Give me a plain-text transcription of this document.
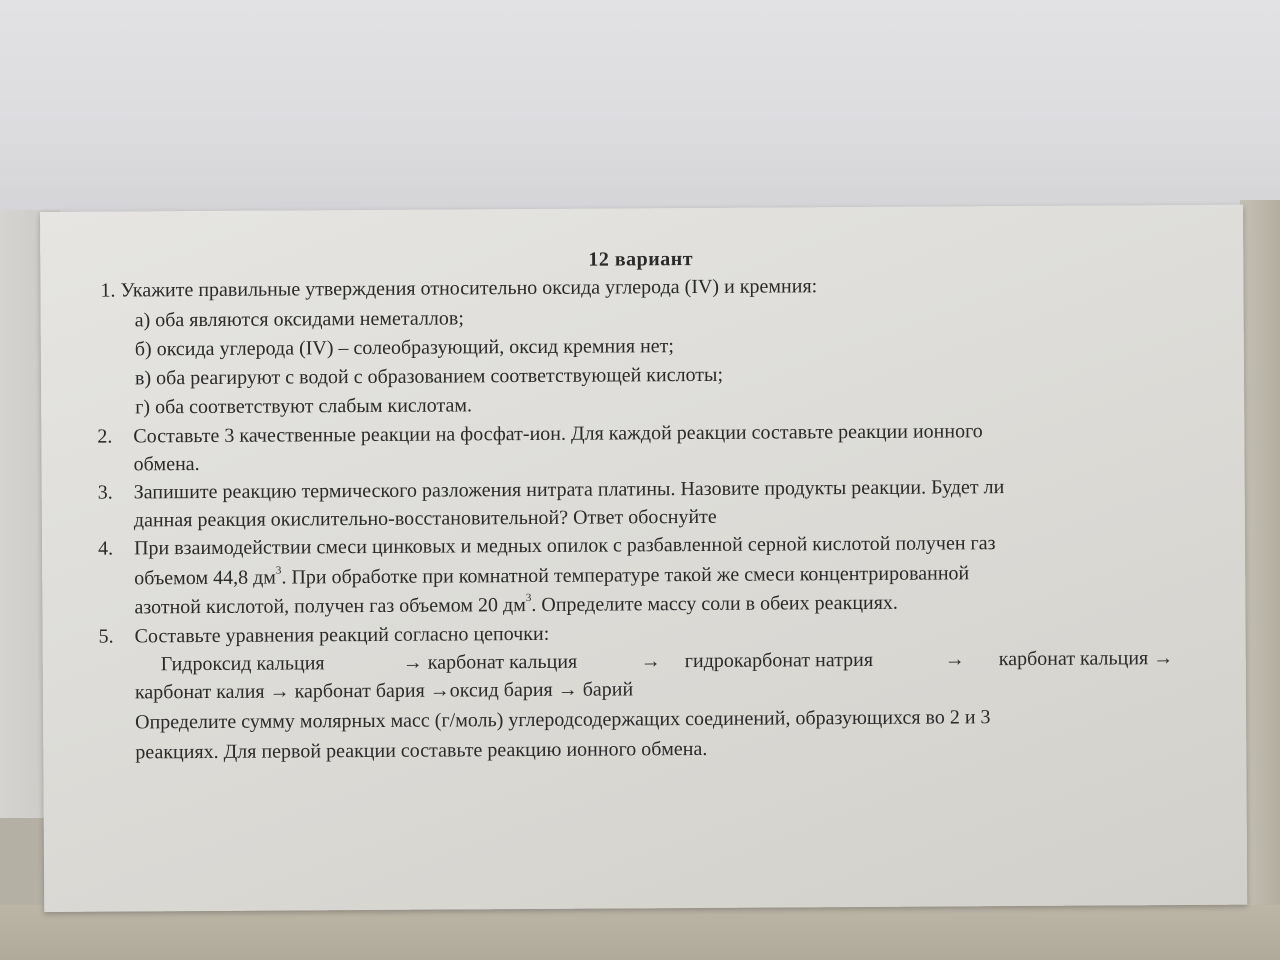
12 вариант
1. Укажите правильные утверждения относительно оксида углерода (IV) и кремния:
а) оба являются оксидами неметаллов;
б) оксида углерода (IV) – солеобразующий, оксид кремния нет;
в) оба реагируют с водой с образованием соответствующей кислоты;
г) оба соответствуют слабым кислотам.
2.	Составьте 3 качественные реакции на фосфат-ион. Для каждой реакции составьте реакции ионного
обмена.
3.	Запишите реакцию термического разложения нитрата платины. Назовите продукты реакции. Будет ли
данная реакция окислительно-восстановительной? Ответ обоснуйте
4.	При взаимодействии смеси цинковых и медных опилок с разбавленной серной кислотой получен газ
объемом 44,8 $дм^3$. При обработке при комнатной температуре такой же смеси концентрированной
азотной кислотой, получен газ объемом 20 $дм^3$. Определите массу соли в обеих реакциях.
5.	Составьте уравнения реакций согласно цепочки:
Гидроксид кальция	→ карбонат кальция	→ гидрокарбонат натрия	→ карбонат кальция →
карбонат калия → карбонат бария →оксид бария → барий
Определите сумму молярных масс (г/моль) углеродсодержащих соединений, образующихся во 2 и 3
реакциях. Для первой реакции составьте реакцию ионного обмена.
